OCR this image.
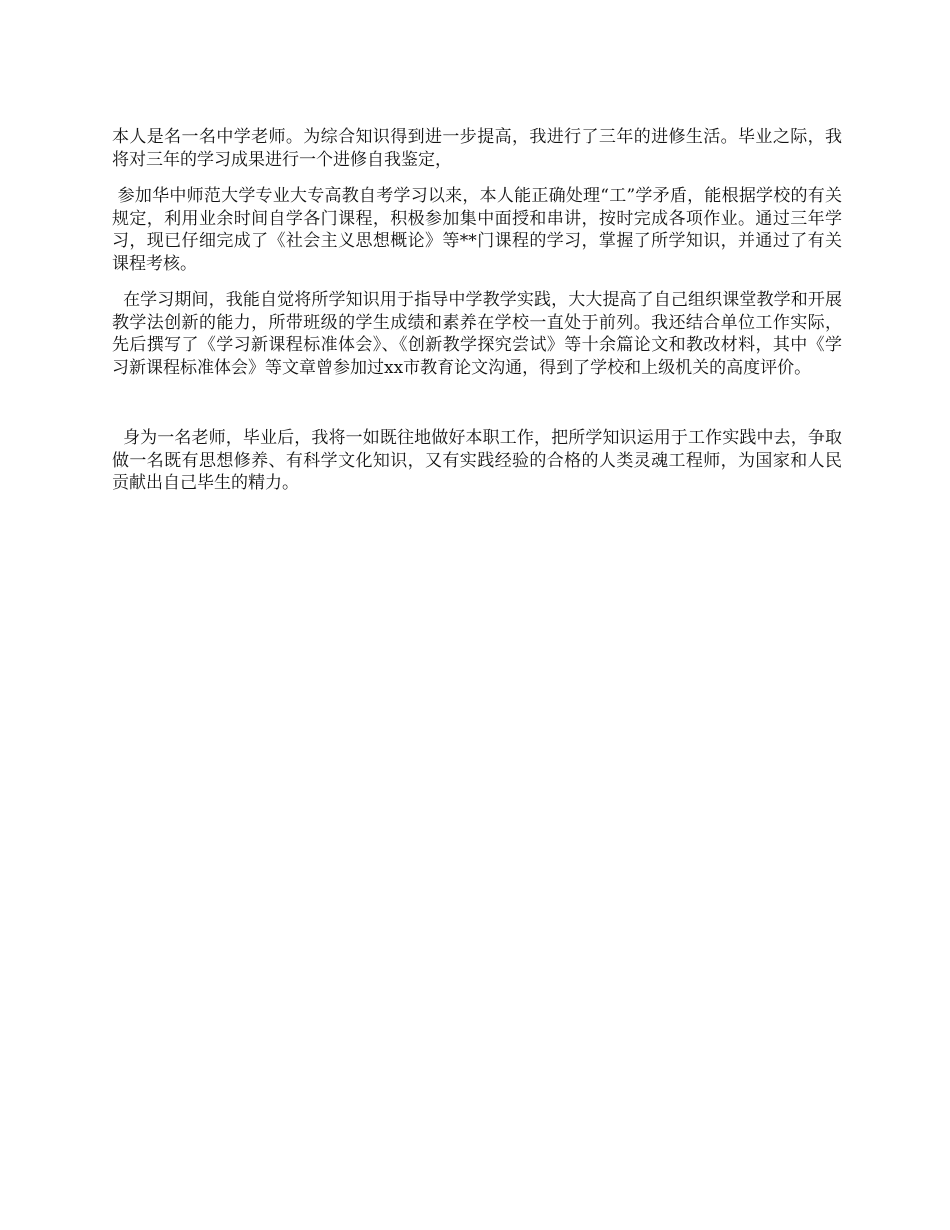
本人是名一名中学老师。为综合知识得到进一步提高，我进行了三年的进修生活。毕业之际，我将对三年的学习成果进行一个进修自我鉴定，

参加华中师范大学专业大专高教自考学习以来，本人能正确处理“工”学矛盾，能根据学校的有关规定，利用业余时间自学各门课程，积极参加集中面授和串讲，按时完成各项作业。通过三年学习，现已仔细完成了《社会主义思想概论》等**门课程的学习，掌握了所学知识，并通过了有关课程考核。

在学习期间，我能自觉将所学知识用于指导中学教学实践，大大提高了自己组织课堂教学和开展教学法创新的能力，所带班级的学生成绩和素养在学校一直处于前列。我还结合单位工作实际，先后撰写了《学习新课程标准体会》、《创新教学探究尝试》等十余篇论文和教改材料，其中《学习新课程标准体会》等文章曾参加过xx市教育论文沟通，得到了学校和上级机关的高度评价。

身为一名老师，毕业后，我将一如既往地做好本职工作，把所学知识运用于工作实践中去，争取做一名既有思想修养、有科学文化知识，又有实践经验的合格的人类灵魂工程师，为国家和人民贡献出自己毕生的精力。
